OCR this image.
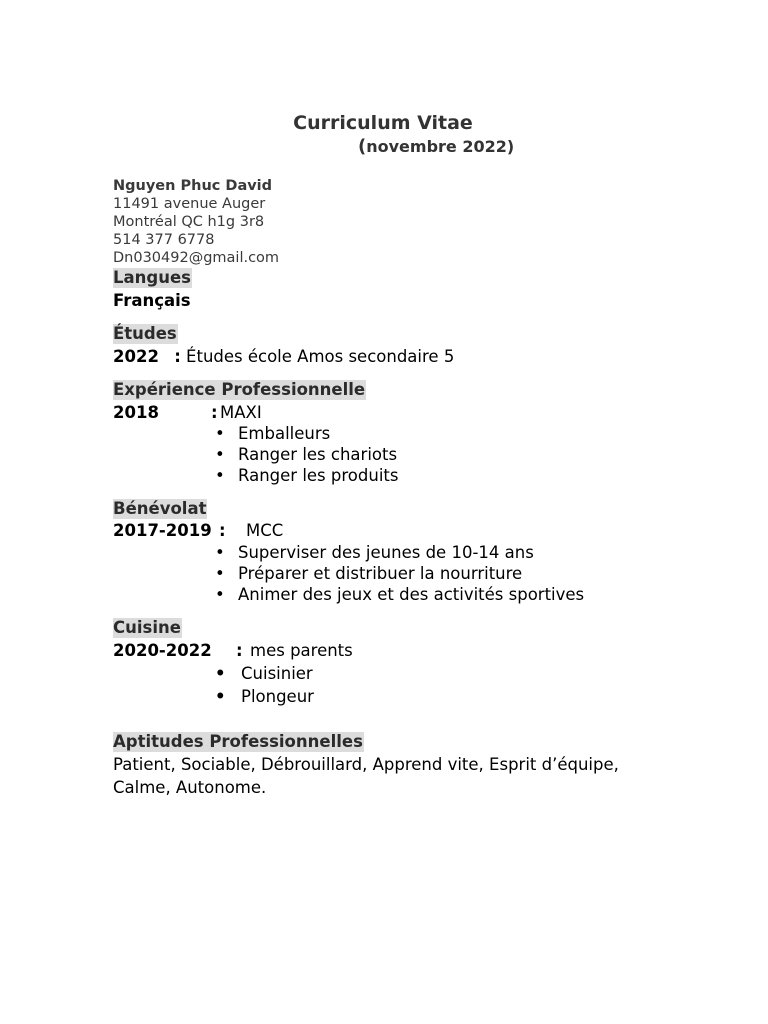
Curriculum Vitae
(novembre 2022)
Nguyen Phuc David
11491 avenue Auger
Montréal QC h1g 3r8
514 377 6778
Dn030492@gmail.com
Langues
Français
Études
2022 : Études école Amos secondaire 5
Expérience Professionnelle
2018	: MAXI
• Emballeurs
• Ranger les chariots
• Ranger les produits
Bénévolat
2017-2019 : MCC
• Superviser des jeunes de 10-14 ans
• Préparer et distribuer la nourriture
• Animer des jeux et des activités sportives
Cuisine
2020-2022 : mes parents
• Cuisinier
• Plongeur
Aptitudes Professionnelles
Patient, Sociable, Débrouillard, Apprend vite, Esprit d’équipe, Calme, Autonome.
